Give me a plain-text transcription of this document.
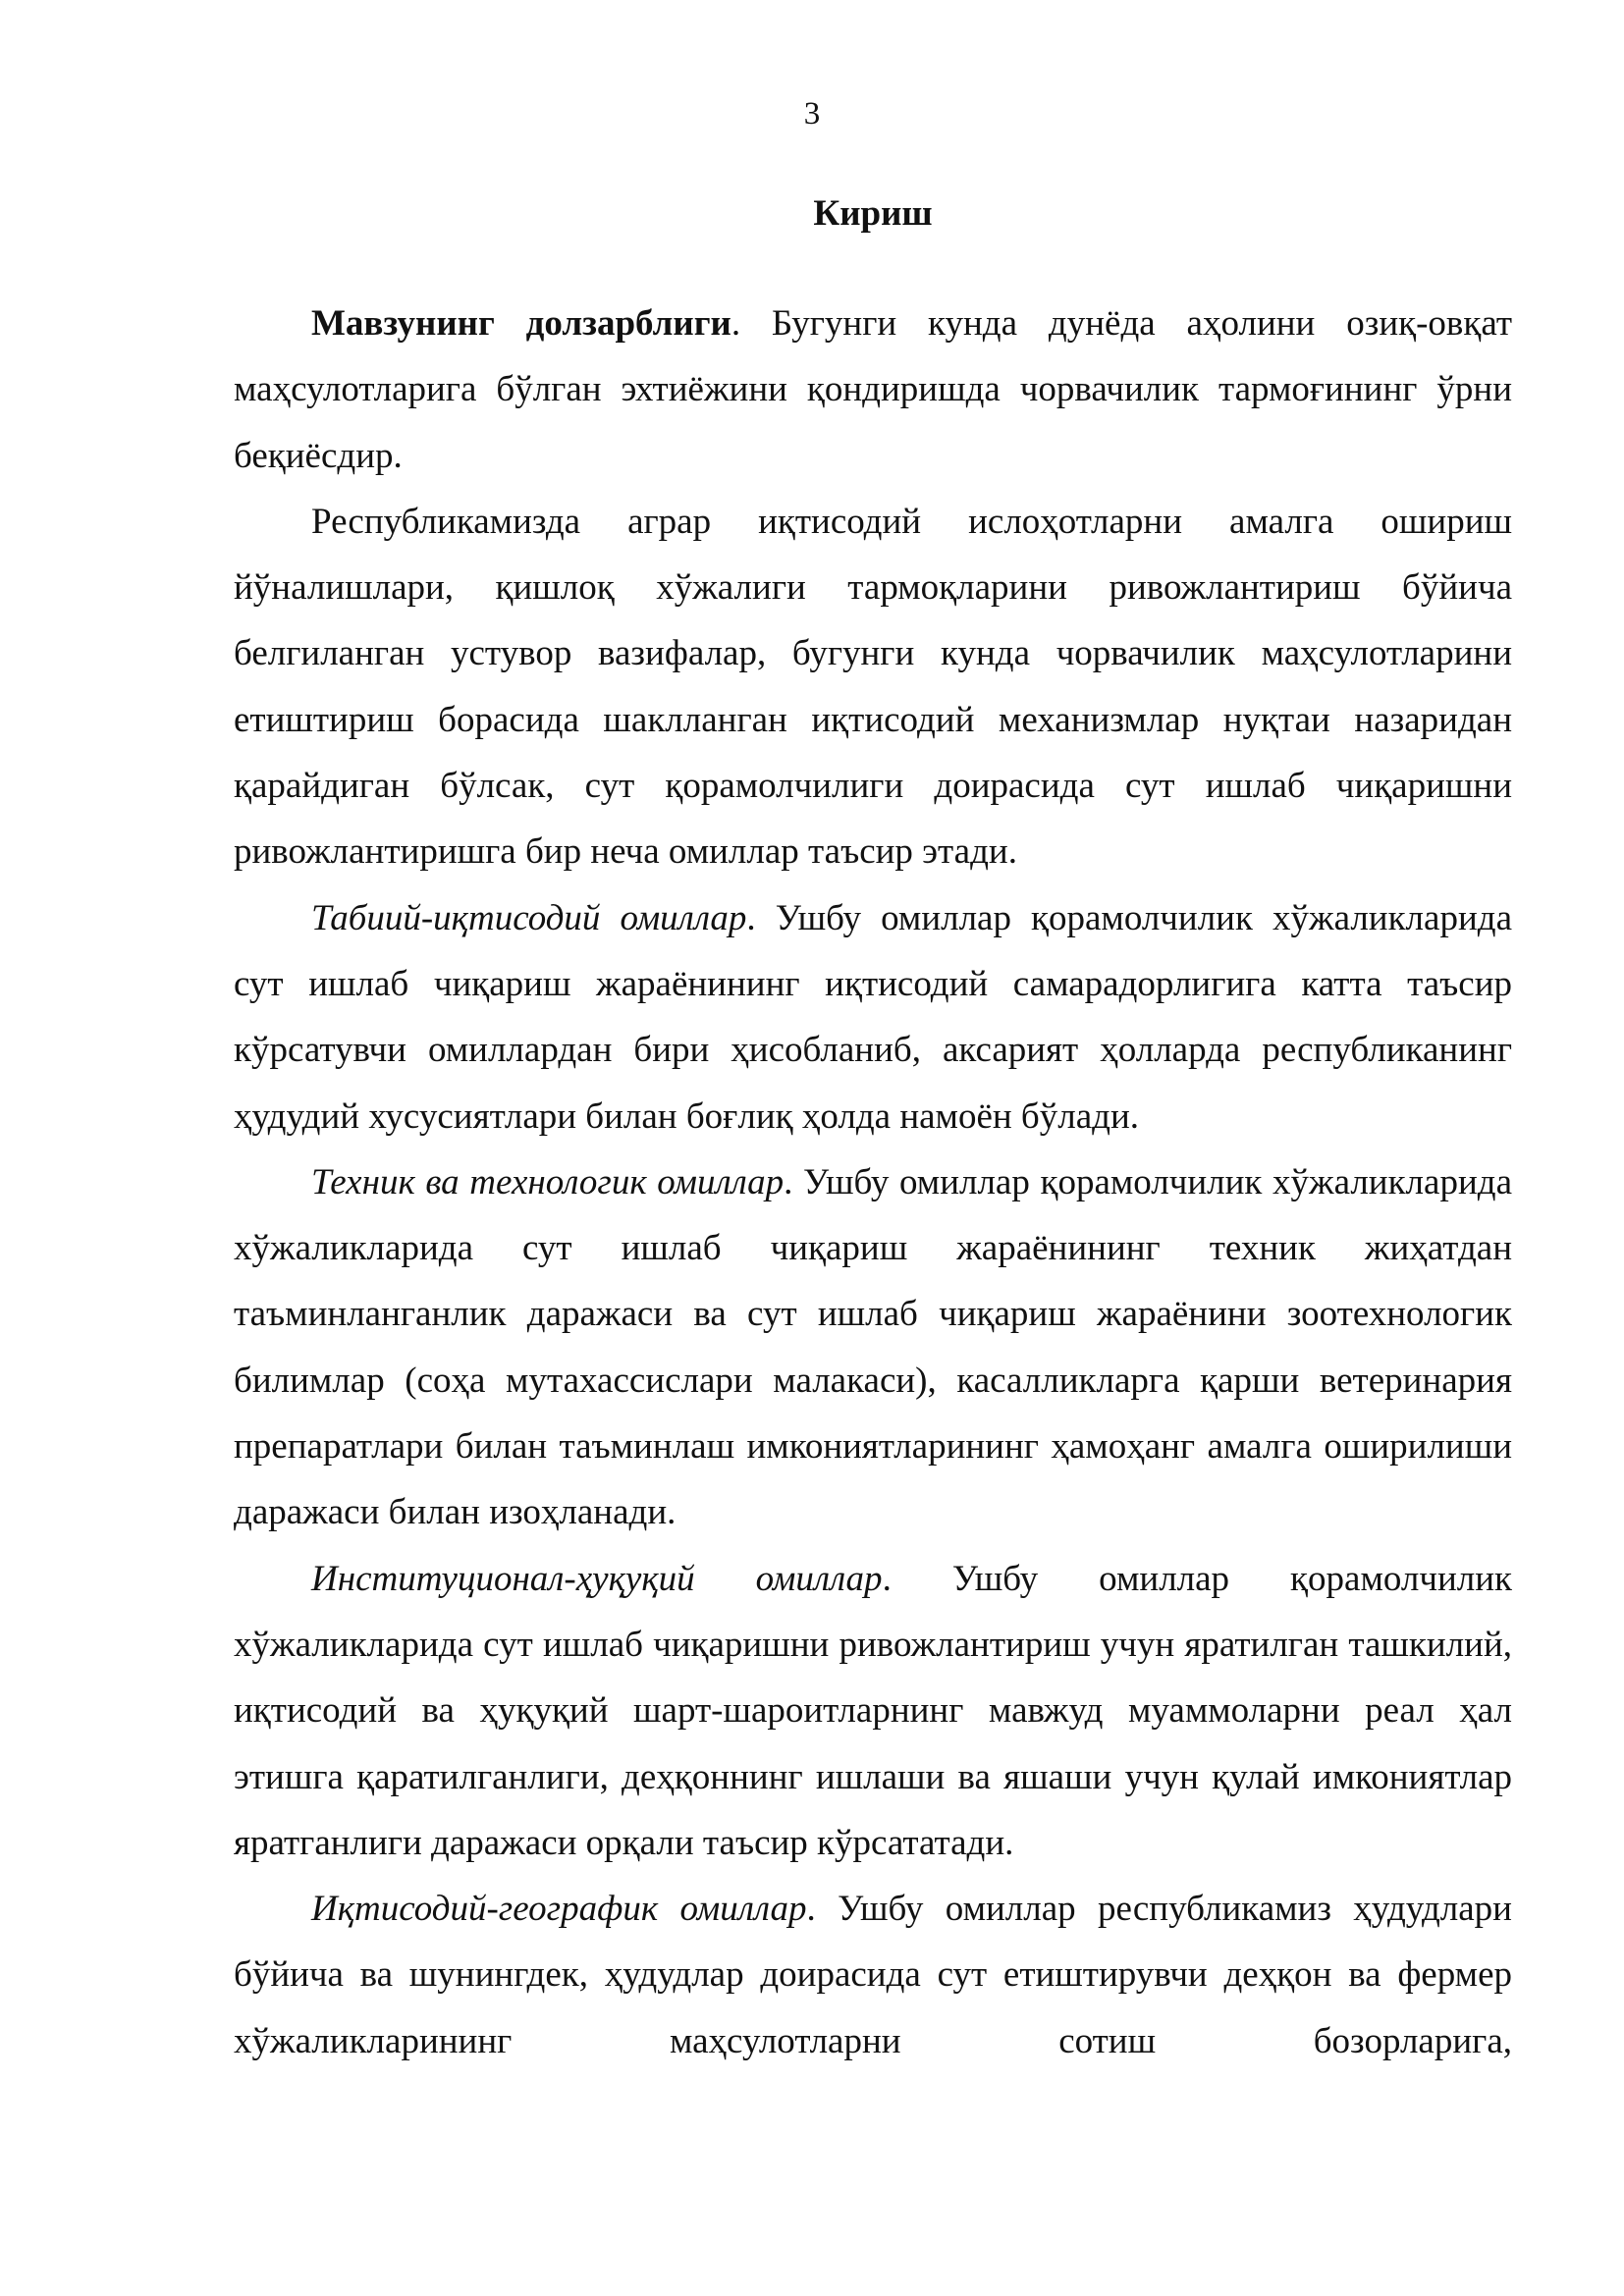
3
Кириш

Мавзунинг долзарблиги. Бугунги кунда дунёда аҳолини озиқ-овқат маҳсулотларига бўлган эхтиёжини қондиришда чорвачилик тармоғининг ўрни беқиёсдир.

Республикамизда аграр иқтисодий ислоҳотларни амалга ошириш йўналишлари, қишлоқ хўжалиги тармоқларини ривожлантириш бўйича белгиланган устувор вазифалар, бугунги кунда чорвачилик маҳсулотларини етиштириш борасида шаклланган иқтисодий механизмлар нуқтаи назаридан қарайдиган бўлсак, сут қорамолчилиги доирасида сут ишлаб чиқаришни ривожлантиришга бир неча омиллар таъсир этади.

Табиий-иқтисодий омиллар. Ушбу омиллар қорамолчилик хўжаликларида сут ишлаб чиқариш жараёнининг иқтисодий самарадорлигига катта таъсир кўрсатувчи омиллардан бири ҳисобланиб, аксарият ҳолларда республиканинг ҳудудий хусусиятлари билан боғлиқ ҳолда намоён бўлади.

Техник ва технологик омиллар. Ушбу омиллар қорамолчилик хўжаликларида хўжаликларида сут ишлаб чиқариш жараёнининг техник жиҳатдан таъминланганлик даражаси ва сут ишлаб чиқариш жараёнини зоотехнологик билимлар (соҳа мутахассислари малакаси), касалликларга қарши ветеринария препаратлари билан таъминлаш имкониятларининг ҳамоҳанг амалга оширилиши даражаси билан изоҳланади.

Институционал-ҳуқуқий омиллар. Ушбу омиллар қорамолчилик хўжаликларида сут ишлаб чиқаришни ривожлантириш учун яратилган ташкилий, иқтисодий ва ҳуқуқий шарт-шароитларнинг мавжуд муаммоларни реал ҳал этишга қаратилганлиги, деҳқоннинг ишлаши ва яшаши учун қулай имкониятлар яратганлиги даражаси орқали таъсир кўрсататади.

Иқтисодий-географик омиллар. Ушбу омиллар республикамиз ҳудудлари бўйича ва шунингдек, ҳудудлар доирасида сут етиштирувчи деҳқон ва фермер хўжаликларининг маҳсулотларни сотиш бозорларига,
